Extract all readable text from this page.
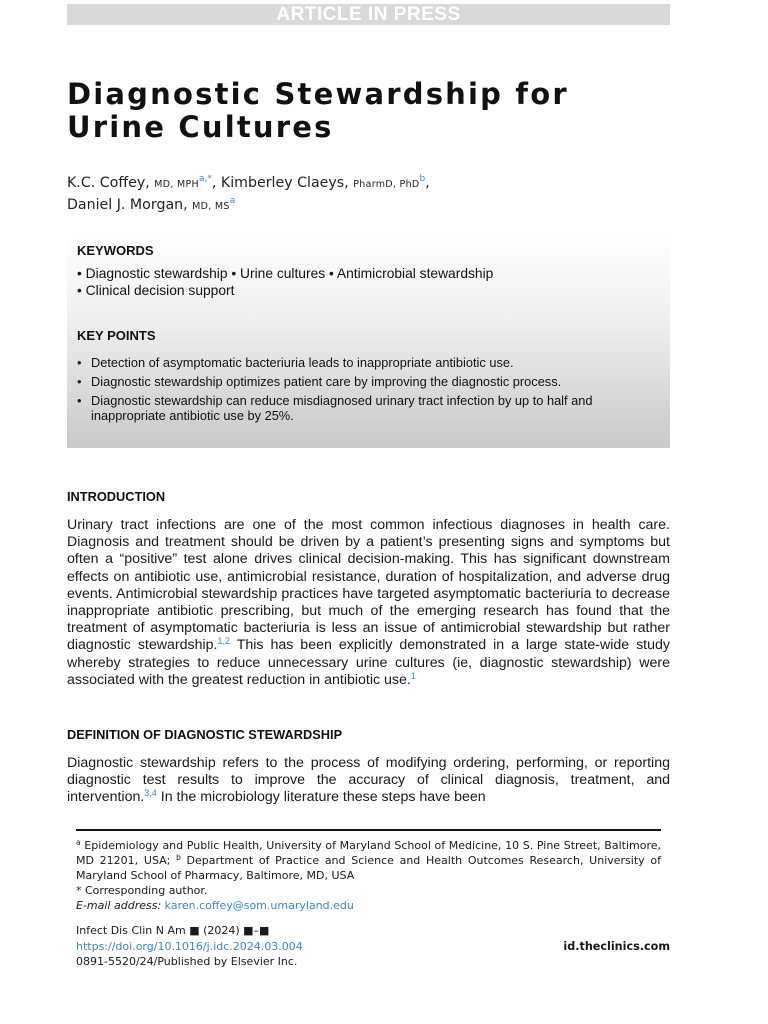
ARTICLE IN PRESS
Diagnostic Stewardship for
Urine Cultures
K.C. Coffey, MD, $MPH^{a,*}$, Kimberley Claeys, PharmD, PhD$^b$,
Daniel J. Morgan, MD, $MS^a$
KEYWORDS
• Diagnostic stewardship • Urine cultures • Antimicrobial stewardship
• Clinical decision support
KEY POINTS
• Detection of asymptomatic bacteriuria leads to inappropriate antibiotic use.
• Diagnostic stewardship optimizes patient care by improving the diagnostic process.
• Diagnostic stewardship can reduce misdiagnosed urinary tract infection by up to half and inappropriate antibiotic use by 25%.
INTRODUCTION

Urinary tract infections are one of the most common infectious diagnoses in health care. Diagnosis and treatment should be driven by a patient’s presenting signs and symptoms but often a “positive” test alone drives clinical decision-making. This has significant downstream effects on antibiotic use, antimicrobial resistance, duration of hospitalization, and adverse drug events. Antimicrobial stewardship practices have targeted asymptomatic bacteriuria to decrease inappropriate antibiotic prescribing, but much of the emerging research has found that the treatment of asymptomatic bacteriuria is less an issue of antimicrobial stewardship but rather diagnostic stewardship.$^{1,2}$ This has been explicitly demonstrated in a large state-wide study whereby strategies to reduce unnecessary urine cultures (ie, diagnostic stewardship) were associated with the greatest reduction in antibiotic use.$^1$

DEFINITION OF DIAGNOSTIC STEWARDSHIP

Diagnostic stewardship refers to the process of modifying ordering, performing, or reporting diagnostic test results to improve the accuracy of clinical diagnosis, treatment, and intervention.$^{3,4}$ In the microbiology literature these steps have been

$^a$ Epidemiology and Public Health, University of Maryland School of Medicine, 10 S. Pine Street, Baltimore, MD 21201, USA; $^b$ Department of Practice and Science and Health Outcomes Research, University of Maryland School of Pharmacy, Baltimore, MD, USA
* Corresponding author.
E-mail address: karen.coffey@som.umaryland.edu
Infect Dis Clin N Am ■ (2024) ■–■
https://doi.org/10.1016/j.idc.2024.03.004
0891-5520/24/Published by Elsevier Inc.
id.theclinics.com
